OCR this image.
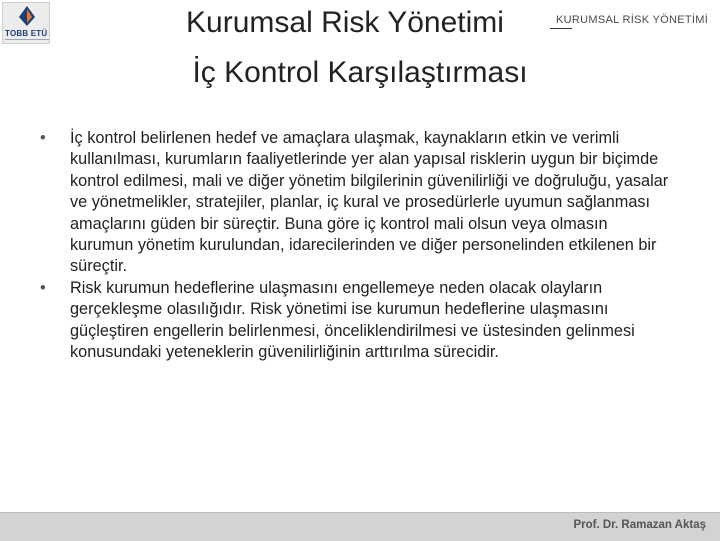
TOBB ETÜ
KURUMSAL RİSK YÖNETİMİ
Kurumsal Risk Yönetimi
İç Kontrol Karşılaştırması
•	İç kontrol belirlenen hedef ve amaçlara ulaşmak, kaynakların etkin ve verimli kullanılması, kurumların faaliyetlerinde yer alan yapısal risklerin uygun bir biçimde kontrol edilmesi, mali ve diğer yönetim bilgilerinin güvenilirliği ve doğruluğu, yasalar ve yönetmelikler, stratejiler, planlar, iç kural ve prosedürlerle uyumun sağlanması amaçlarını güden bir süreçtir. Buna göre iç kontrol mali olsun veya olmasın kurumun yönetim kurulundan, idarecilerinden ve diğer personelinden etkilenen bir süreçtir.
•	Risk kurumun hedeflerine ulaşmasını engellemeye neden olacak olayların gerçekleşme olasılığıdır. Risk yönetimi ise kurumun hedeflerine ulaşmasını güçleştiren engellerin belirlenmesi, önceliklendirilmesi ve üstesinden gelinmesi konusundaki yeteneklerin güvenilirliğinin arttırılma sürecidir.
Prof. Dr. Ramazan Aktaş
